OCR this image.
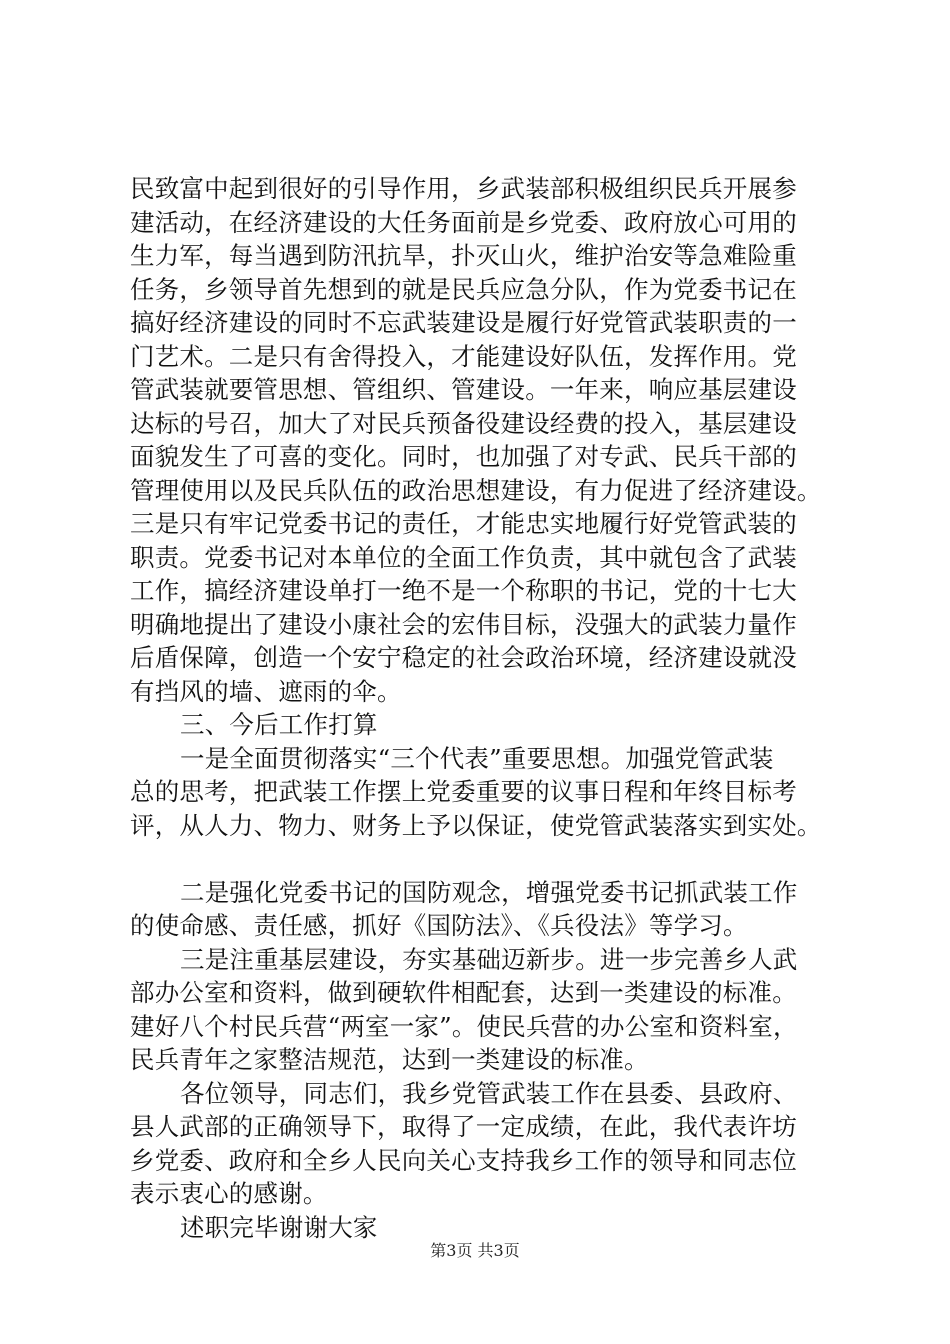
民致富中起到很好的引导作用，乡武装部积极组织民兵开展参
建活动，在经济建设的大任务面前是乡党委、政府放心可用的
生力军，每当遇到防汛抗旱，扑灭山火，维护治安等急难险重
任务，乡领导首先想到的就是民兵应急分队，作为党委书记在
搞好经济建设的同时不忘武装建设是履行好党管武装职责的一
门艺术。二是只有舍得投入，才能建设好队伍，发挥作用。党
管武装就要管思想、管组织、管建设。一年来，响应基层建设
达标的号召，加大了对民兵预备役建设经费的投入，基层建设
面貌发生了可喜的变化。同时，也加强了对专武、民兵干部的
管理使用以及民兵队伍的政治思想建设，有力促进了经济建设。
三是只有牢记党委书记的责任，才能忠实地履行好党管武装的
职责。党委书记对本单位的全面工作负责，其中就包含了武装
工作，搞经济建设单打一绝不是一个称职的书记，党的十七大
明确地提出了建设小康社会的宏伟目标，没强大的武装力量作
后盾保障，创造一个安宁稳定的社会政治环境，经济建设就没
有挡风的墙、遮雨的伞。
三、今后工作打算
一是全面贯彻落实“三个代表”重要思想。加强党管武装
总的思考，把武装工作摆上党委重要的议事日程和年终目标考
评，从人力、物力、财务上予以保证，使党管武装落实到实处。
二是强化党委书记的国防观念，增强党委书记抓武装工作
的使命感、责任感，抓好《国防法》、《兵役法》等学习。
三是注重基层建设，夯实基础迈新步。进一步完善乡人武
部办公室和资料，做到硬软件相配套，达到一类建设的标准。
建好八个村民兵营“两室一家”。使民兵营的办公室和资料室，
民兵青年之家整洁规范，达到一类建设的标准。
各位领导，同志们，我乡党管武装工作在县委、县政府、
县人武部的正确领导下，取得了一定成绩，在此，我代表许坊
乡党委、政府和全乡人民向关心支持我乡工作的领导和同志位
表示衷心的感谢。
述职完毕谢谢大家
第3页 共3页
